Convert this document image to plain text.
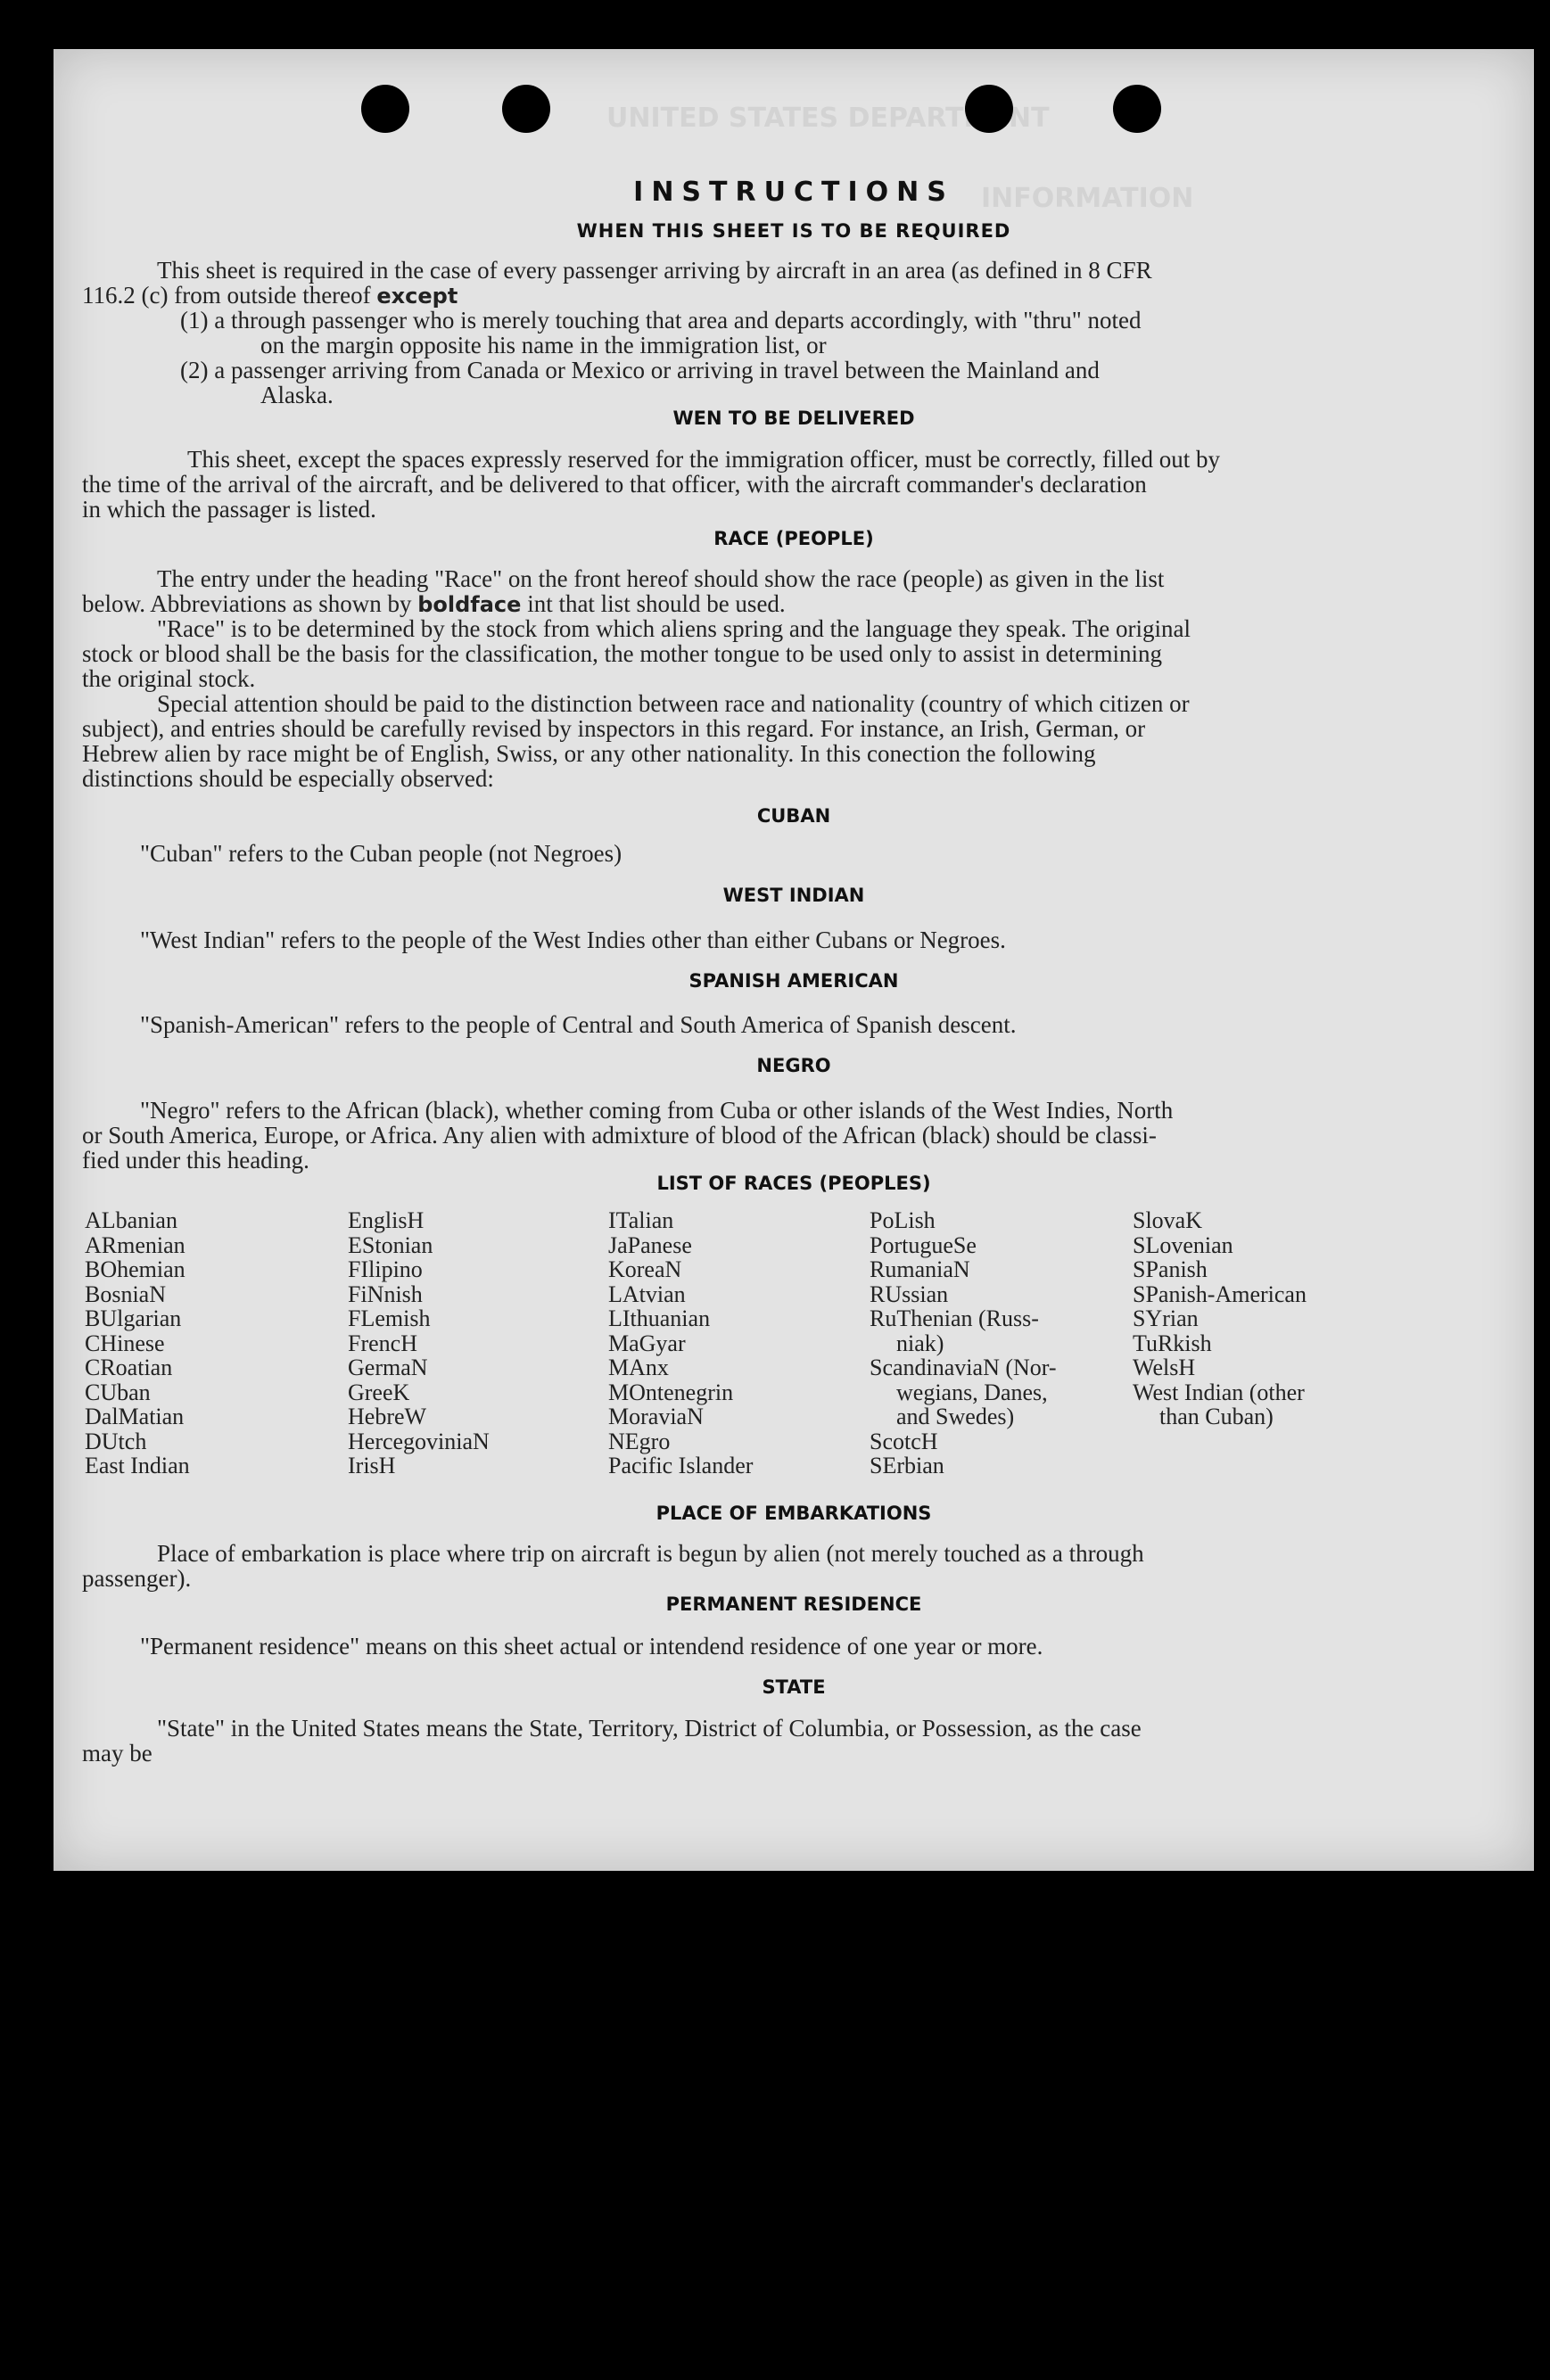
UNITED STATES DEPARTMENT
INFORMATION
INSTRUCTIONS
WHEN THIS SHEET IS TO BE REQUIRED
This sheet is required in the case of every passenger arriving by aircraft in an area (as defined in 8 CFR
116.2 (c) from outside thereof except
(1) a through passenger who is merely touching that area and departs accordingly, with "thru" noted
on the margin opposite his name in the immigration list, or
(2) a passenger arriving from Canada or Mexico or arriving in travel between the Mainland and
Alaska.
WEN TO BE DELIVERED
This sheet, except the spaces expressly reserved for the immigration officer, must be correctly, filled out by
the time of the arrival of the aircraft, and be delivered to that officer, with the aircraft commander's declaration
in which the passager is listed.
RACE (PEOPLE)
The entry under the heading "Race" on the front hereof should show the race (people) as given in the list
below. Abbreviations as shown by boldface int that list should be used.
"Race" is to be determined by the stock from which aliens spring and the language they speak. The original
stock or blood shall be the basis for the classification, the mother tongue to be used only to assist in determining
the original stock.
Special attention should be paid to the distinction between race and nationality (country of which citizen or
subject), and entries should be carefully revised by inspectors in this regard. For instance, an Irish, German, or
Hebrew alien by race might be of English, Swiss, or any other nationality. In this conection the following
distinctions should be especially observed:
CUBAN
"Cuban" refers to the Cuban people (not Negroes)
WEST INDIAN
"West Indian" refers to the people of the West Indies other than either Cubans or Negroes.
SPANISH AMERICAN
"Spanish-American" refers to the people of Central and South America of Spanish descent.
NEGRO
"Negro" refers to the African (black), whether coming from Cuba or other islands of the West Indies, North
or South America, Europe, or Africa. Any alien with admixture of blood of the African (black) should be classi-
fied under this heading.
LIST OF RACES (PEOPLES)
ALbanian
ARmenian
BOhemian
BosniaN
BUlgarian
CHinese
CRoatian
CUban
DalMatian
DUtch
East Indian
EnglisH
EStonian
FIlipino
FiNnish
FLemish
FrencH
GermaN
GreeK
HebreW
HercegoviniaN
IrisH
ITalian
JaPanese
KoreaN
LAtvian
LIthuanian
MaGyar
MAnx
MOntenegrin
MoraviaN
NEgro
Pacific Islander
PoLish
PortugueSe
RumaniaN
RUssian
RuThenian (Russ-
niak)
ScandinaviaN (Nor-
wegians, Danes,
and Swedes)
ScotcH
SErbian
SlovaK
SLovenian
SPanish
SPanish-American
SYrian
TuRkish
WelsH
West Indian (other
than Cuban)
PLACE OF EMBARKATIONS
Place of embarkation is place where trip on aircraft is begun by alien (not merely touched as a through
passenger).
PERMANENT RESIDENCE
"Permanent residence" means on this sheet actual or intendend residence of one year or more.
STATE
"State" in the United States means the State, Territory, District of Columbia, or Possession, as the case
may be
